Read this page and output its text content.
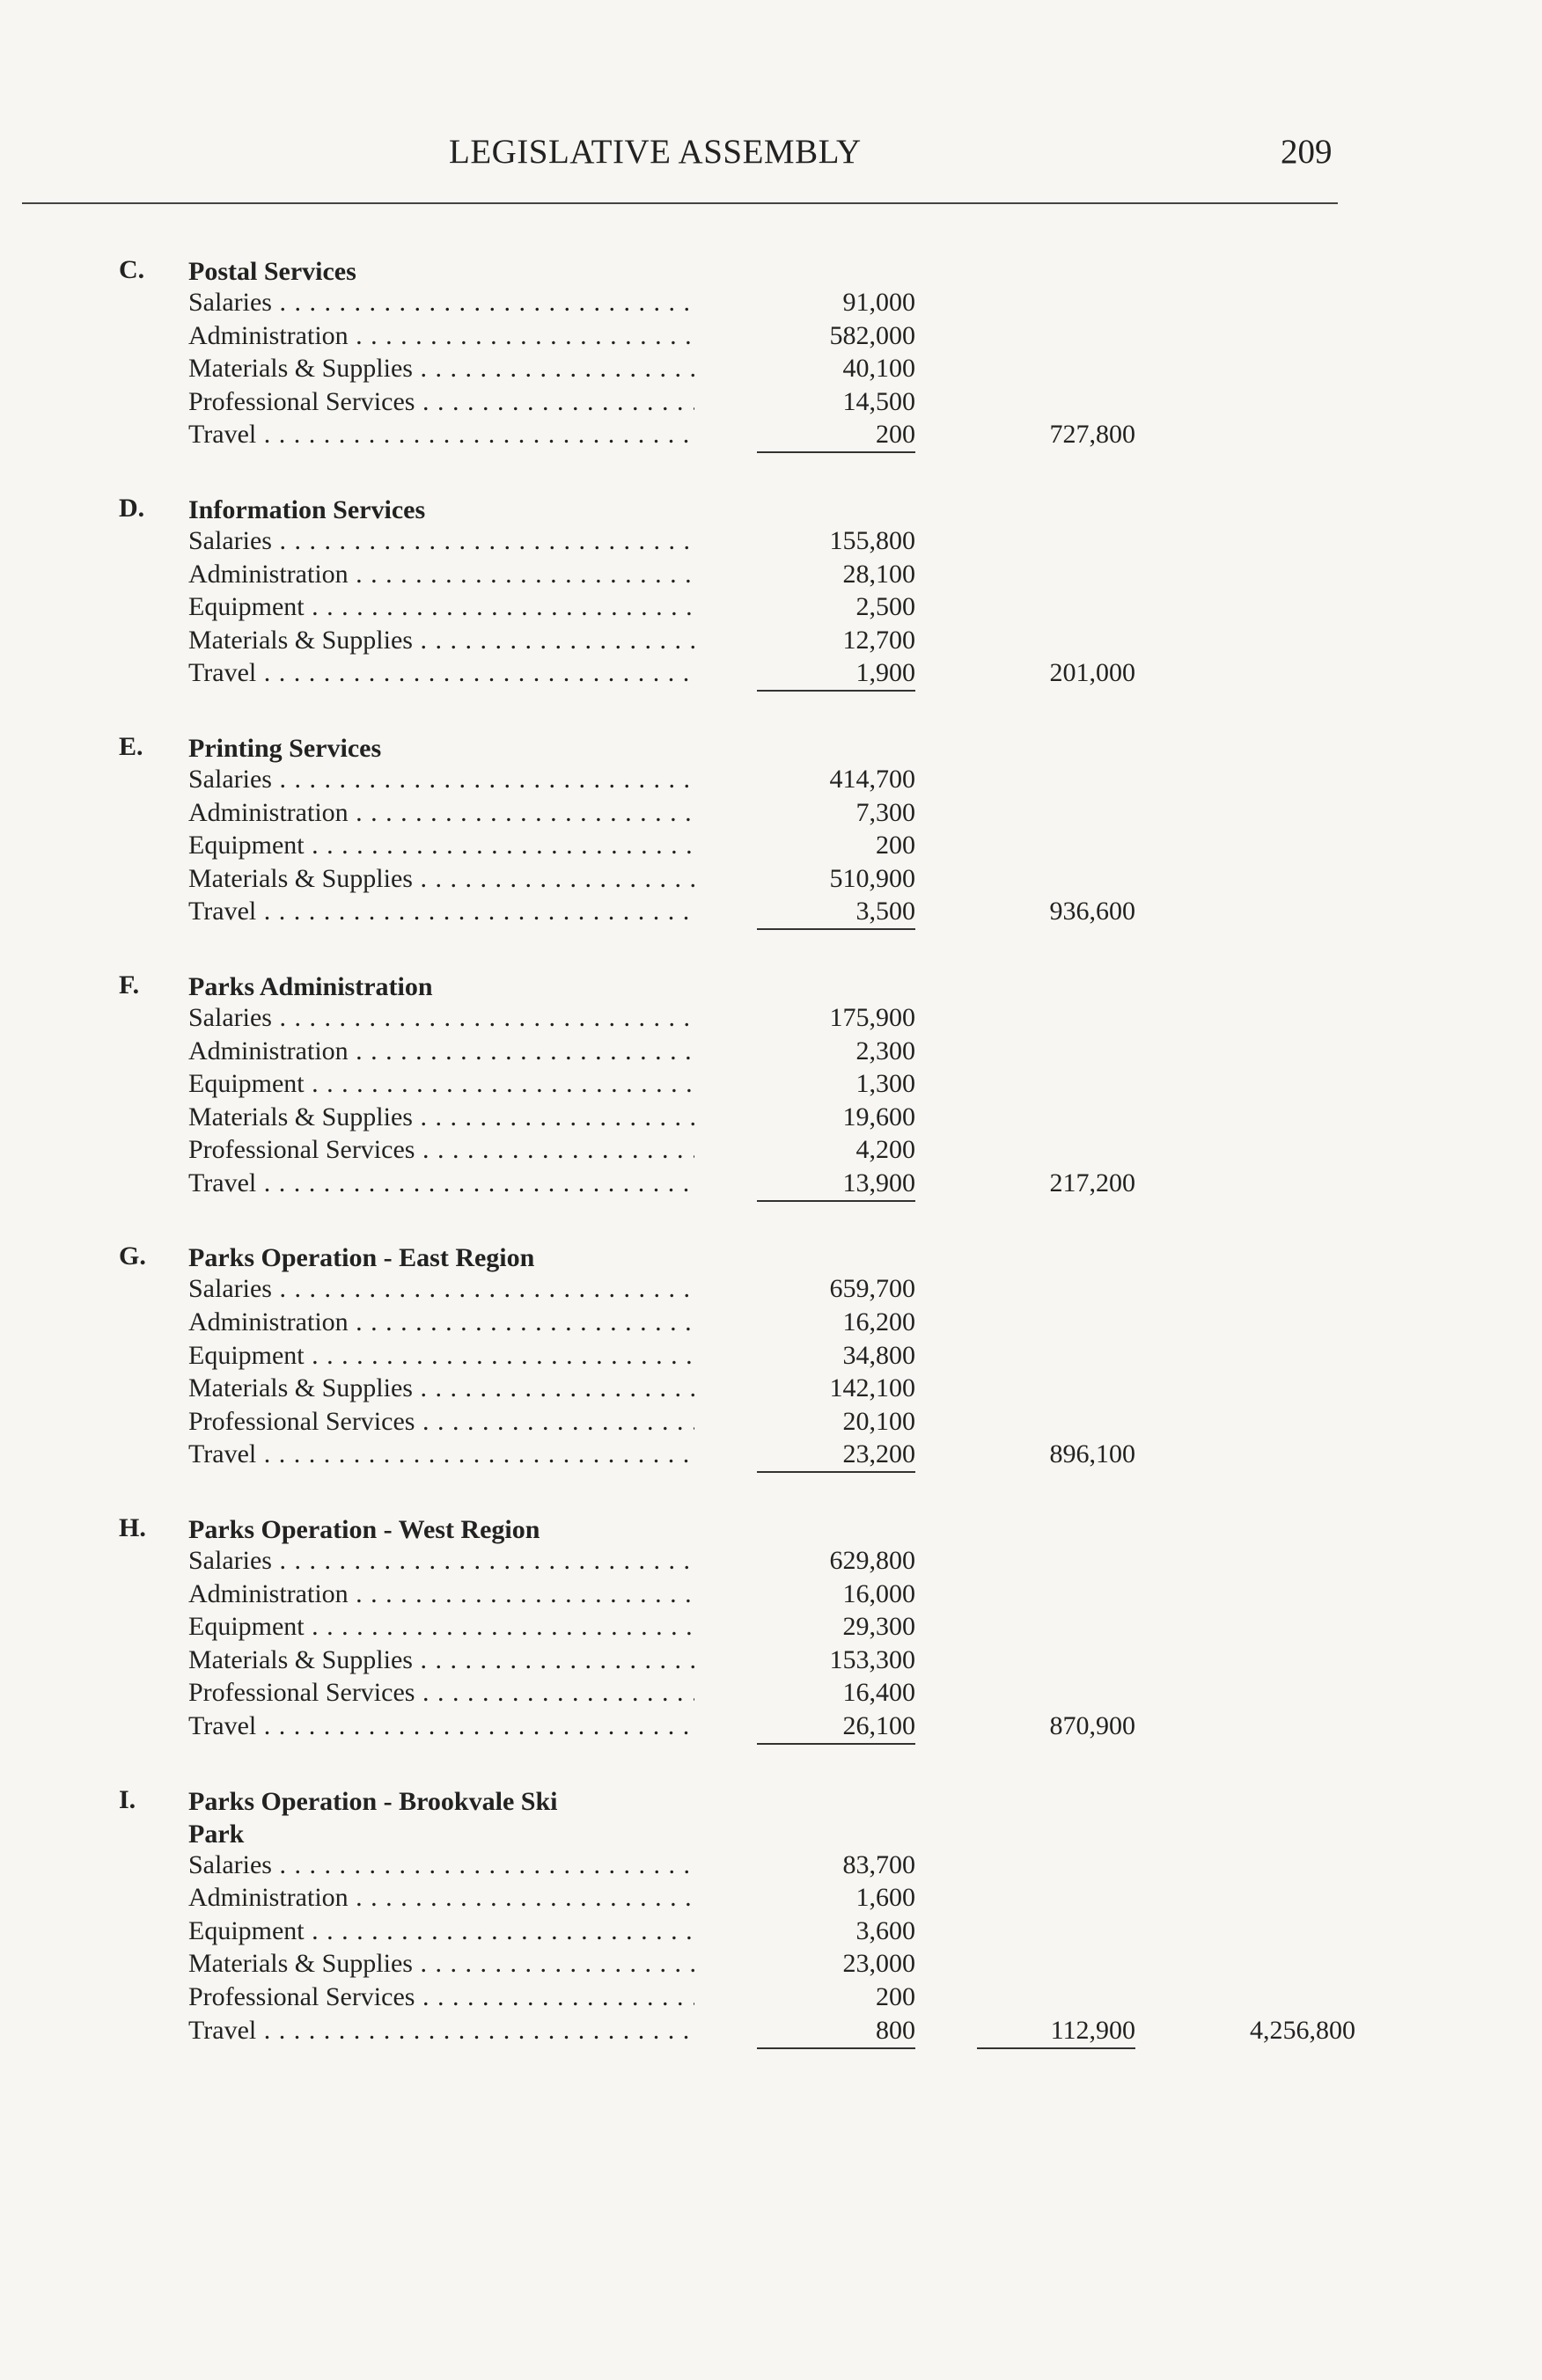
LEGISLATIVE ASSEMBLY	209
C. Postal Services
Salaries . . .	91,000
Administration . . .	582,000
Materials & Supplies . . .	40,100
Professional Services . . .	14,500
Travel . . .	200	727,800
D. Information Services
Salaries . . .	155,800
Administration . . .	28,100
Equipment . . .	2,500
Materials & Supplies . . .	12,700
Travel . . .	1,900	201,000
E. Printing Services
Salaries . . .	414,700
Administration . . .	7,300
Equipment . . .	200
Materials & Supplies . . .	510,900
Travel . . .	3,500	936,600
F. Parks Administration
Salaries . . .	175,900
Administration . . .	2,300
Equipment . . .	1,300
Materials & Supplies . . .	19,600
Professional Services . . .	4,200
Travel . . .	13,900	217,200
G. Parks Operation - East Region
Salaries . . .	659,700
Administration . . .	16,200
Equipment . . .	34,800
Materials & Supplies . . .	142,100
Professional Services . . .	20,100
Travel . . .	23,200	896,100
H. Parks Operation - West Region
Salaries . . .	629,800
Administration . . .	16,000
Equipment . . .	29,300
Materials & Supplies . . .	153,300
Professional Services . . .	16,400
Travel . . .	26,100	870,900
I. Parks Operation - Brookvale Ski Park
Salaries . . .	83,700
Administration . . .	1,600
Equipment . . .	3,600
Materials & Supplies . . .	23,000
Professional Services . . .	200
Travel . . .	800	112,900	4,256,800
